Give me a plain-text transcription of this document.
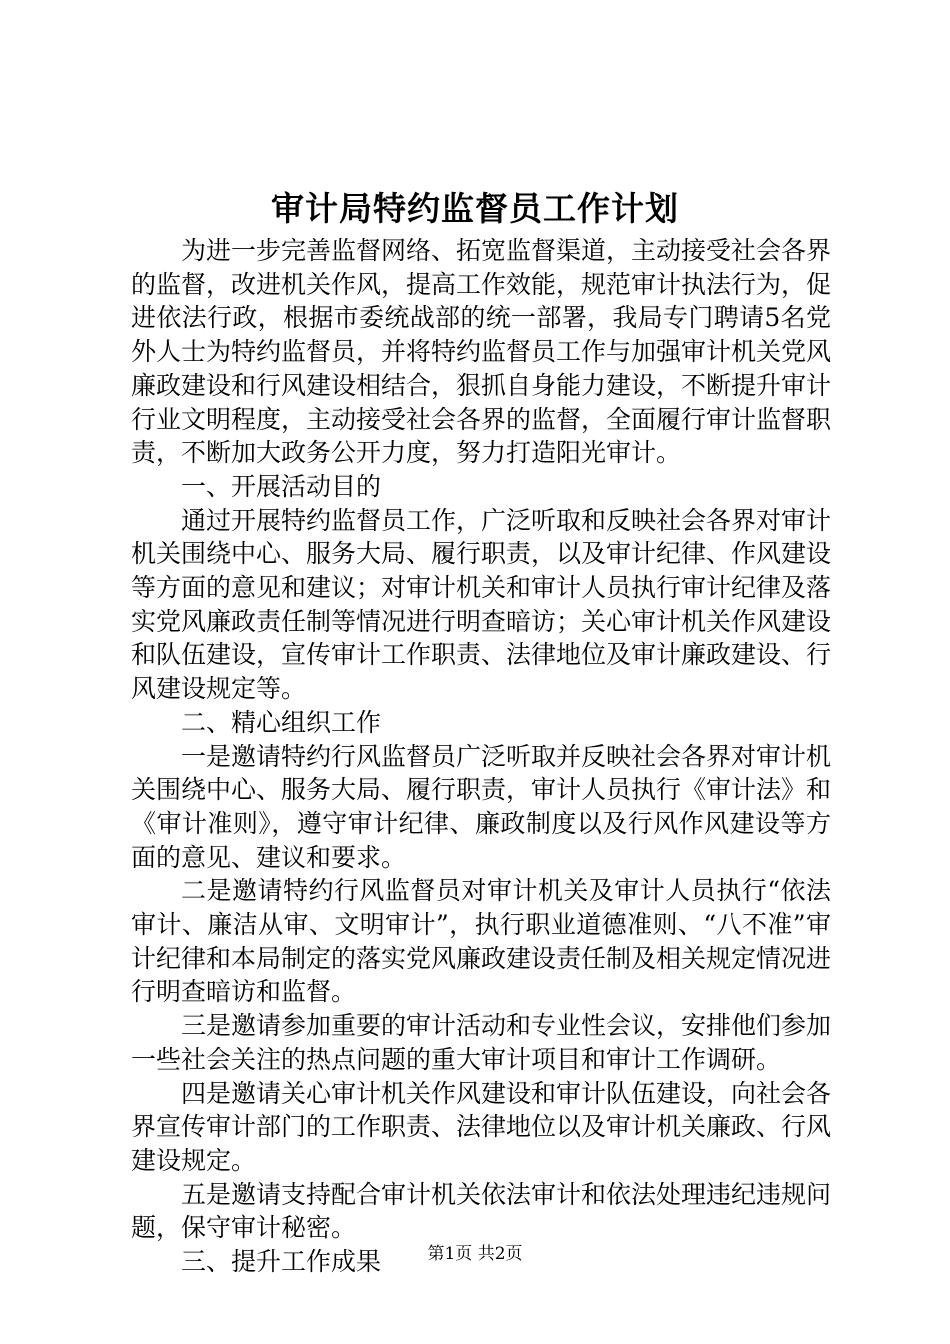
审计局特约监督员工作计划

为进一步完善监督网络、拓宽监督渠道，主动接受社会各界的监督，改进机关作风，提高工作效能，规范审计执法行为，促进依法行政，根据市委统战部的统一部署，我局专门聘请5名党外人士为特约监督员，并将特约监督员工作与加强审计机关党风廉政建设和行风建设相结合，狠抓自身能力建设，不断提升审计行业文明程度，主动接受社会各界的监督，全面履行审计监督职责，不断加大政务公开力度，努力打造阳光审计。

一、开展活动目的

通过开展特约监督员工作，广泛听取和反映社会各界对审计机关围绕中心、服务大局、履行职责，以及审计纪律、作风建设等方面的意见和建议；对审计机关和审计人员执行审计纪律及落实党风廉政责任制等情况进行明查暗访；关心审计机关作风建设和队伍建设，宣传审计工作职责、法律地位及审计廉政建设、行风建设规定等。

二、精心组织工作

一是邀请特约行风监督员广泛听取并反映社会各界对审计机关围绕中心、服务大局、履行职责，审计人员执行《审计法》和《审计准则》，遵守审计纪律、廉政制度以及行风作风建设等方面的意见、建议和要求。

二是邀请特约行风监督员对审计机关及审计人员执行“依法审计、廉洁从审、文明审计”，执行职业道德准则、“八不准”审计纪律和本局制定的落实党风廉政建设责任制及相关规定情况进行明查暗访和监督。

三是邀请参加重要的审计活动和专业性会议，安排他们参加一些社会关注的热点问题的重大审计项目和审计工作调研。

四是邀请关心审计机关作风建设和审计队伍建设，向社会各界宣传审计部门的工作职责、法律地位以及审计机关廉政、行风建设规定。

五是邀请支持配合审计机关依法审计和依法处理违纪违规问题，保守审计秘密。

三、提升工作成果	第1页 共2页
